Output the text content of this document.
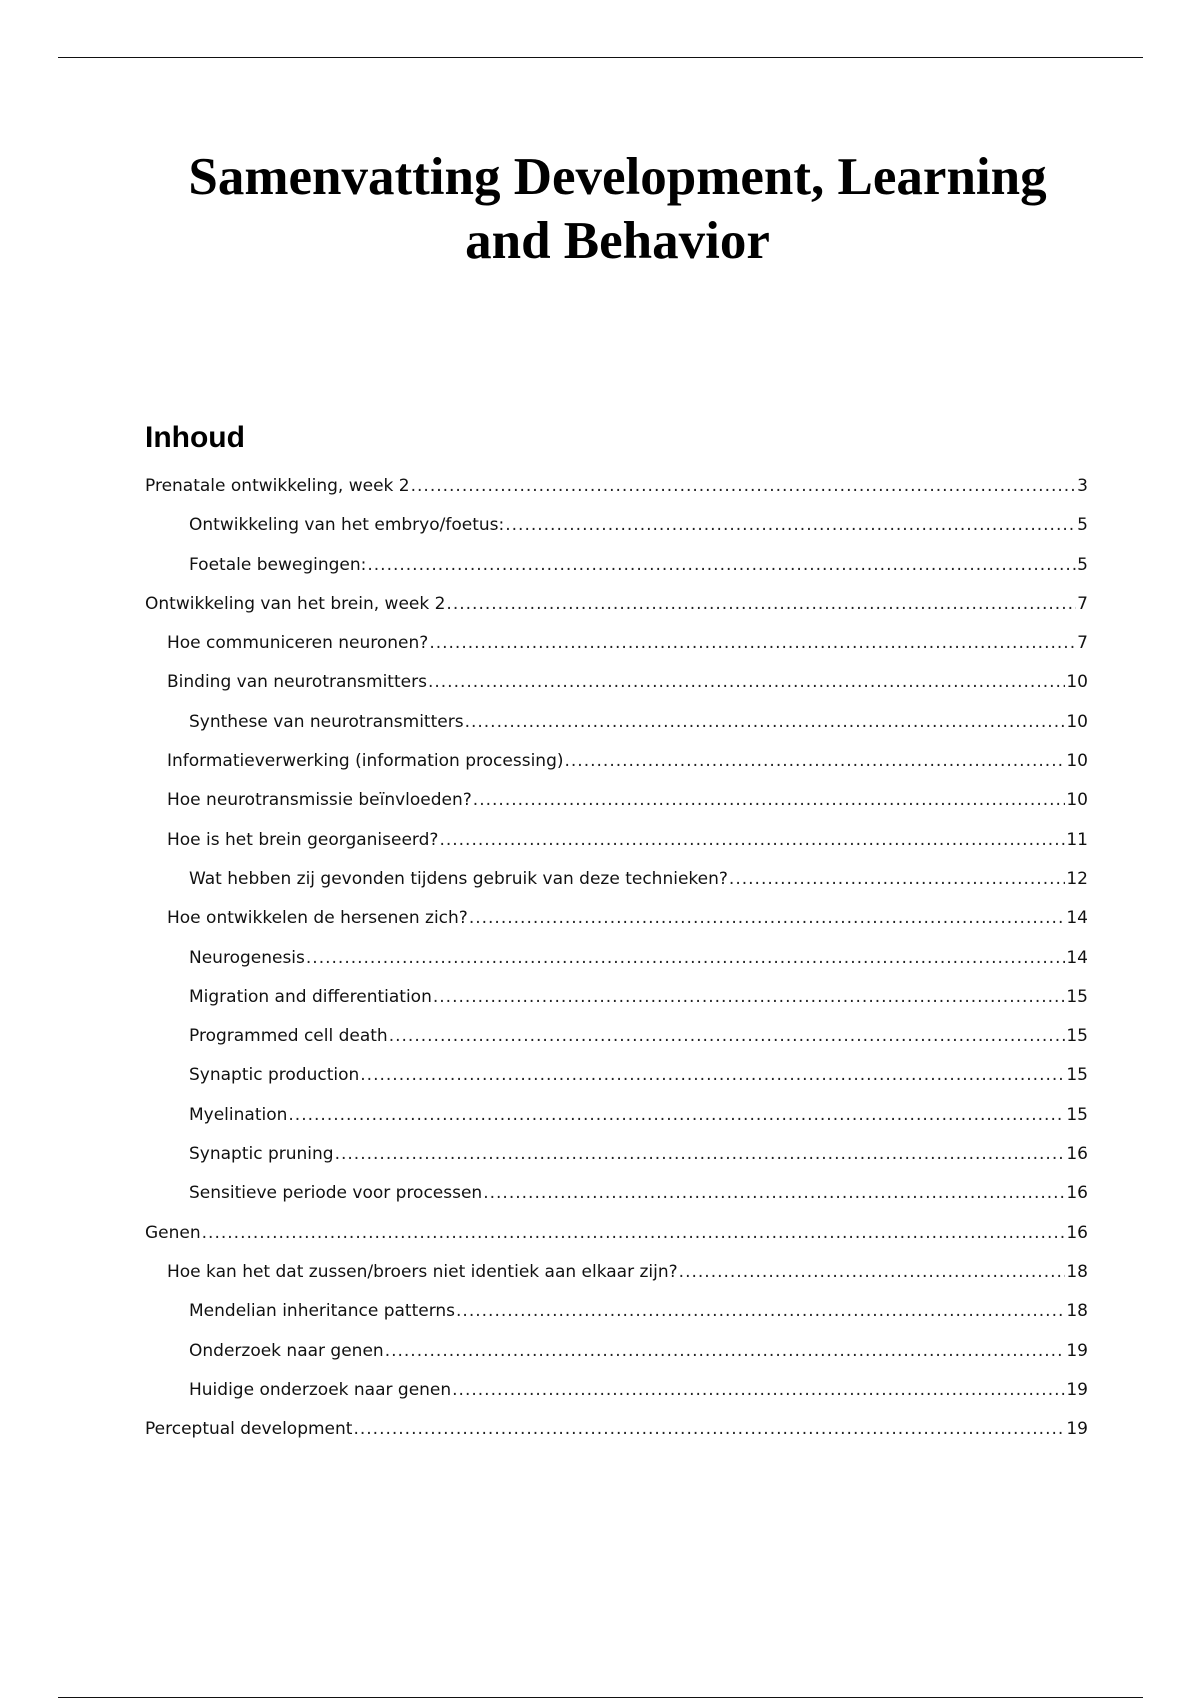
Samenvatting Development, Learning and Behavior
Inhoud
Prenatale ontwikkeling, week 2 .....	3
Ontwikkeling van het embryo/foetus: .....	5
Foetale bewegingen: .....	5
Ontwikkeling van het brein, week 2 .....	7
Hoe communiceren neuronen? .....	7
Binding van neurotransmitters .....	10
Synthese van neurotransmitters .....	10
Informatieverwerking (information processing) .....	10
Hoe neurotransmissie beïnvloeden? .....	10
Hoe is het brein georganiseerd? .....	11
Wat hebben zij gevonden tijdens gebruik van deze technieken? .....	12
Hoe ontwikkelen de hersenen zich? .....	14
Neurogenesis .....	14
Migration and differentiation .....	15
Programmed cell death .....	15
Synaptic production .....	15
Myelination .....	15
Synaptic pruning .....	16
Sensitieve periode voor processen .....	16
Genen .....	16
Hoe kan het dat zussen/broers niet identiek aan elkaar zijn? .....	18
Mendelian inheritance patterns .....	18
Onderzoek naar genen .....	19
Huidige onderzoek naar genen .....	19
Perceptual development .....	19
